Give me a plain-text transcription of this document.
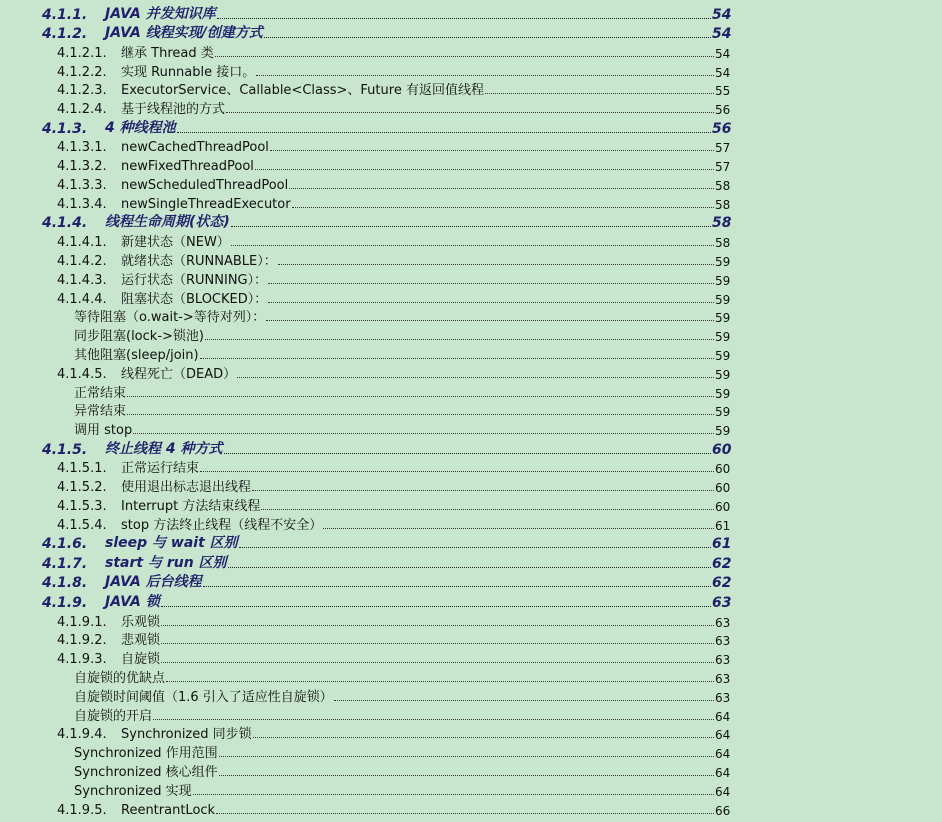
4.1.1.	JAVA 并发知识库	54
4.1.2.	JAVA 线程实现/创建方式	54
4.1.2.1.	继承 Thread 类	54
4.1.2.2.	实现 Runnable 接口。	54
4.1.2.3.	ExecutorService、Callable<Class>、Future 有返回值线程	55
4.1.2.4.	基于线程池的方式	56
4.1.3.	4 种线程池	56
4.1.3.1.	newCachedThreadPool	57
4.1.3.2.	newFixedThreadPool	57
4.1.3.3.	newScheduledThreadPool	58
4.1.3.4.	newSingleThreadExecutor	58
4.1.4.	线程生命周期(状态)	58
4.1.4.1.	新建状态（NEW）	58
4.1.4.2.	就绪状态（RUNNABLE）：	59
4.1.4.3.	运行状态（RUNNING）：	59
4.1.4.4.	阻塞状态（BLOCKED）：	59
等待阻塞（o.wait->等待对列）：	59
同步阻塞(lock->锁池)	59
其他阻塞(sleep/join)	59
4.1.4.5.	线程死亡（DEAD）	59
正常结束	59
异常结束	59
调用 stop	59
4.1.5.	终止线程 4 种方式	60
4.1.5.1.	正常运行结束	60
4.1.5.2.	使用退出标志退出线程	60
4.1.5.3.	Interrupt 方法结束线程	60
4.1.5.4.	stop 方法终止线程（线程不安全）	61
4.1.6.	sleep 与 wait 区别	61
4.1.7.	start 与 run 区别	62
4.1.8.	JAVA 后台线程	62
4.1.9.	JAVA 锁	63
4.1.9.1.	乐观锁	63
4.1.9.2.	悲观锁	63
4.1.9.3.	自旋锁	63
自旋锁的优缺点	63
自旋锁时间阈值（1.6 引入了适应性自旋锁）	63
自旋锁的开启	64
4.1.9.4.	Synchronized 同步锁	64
Synchronized 作用范围	64
Synchronized 核心组件	64
Synchronized 实现	64
4.1.9.5.	ReentrantLock	66
